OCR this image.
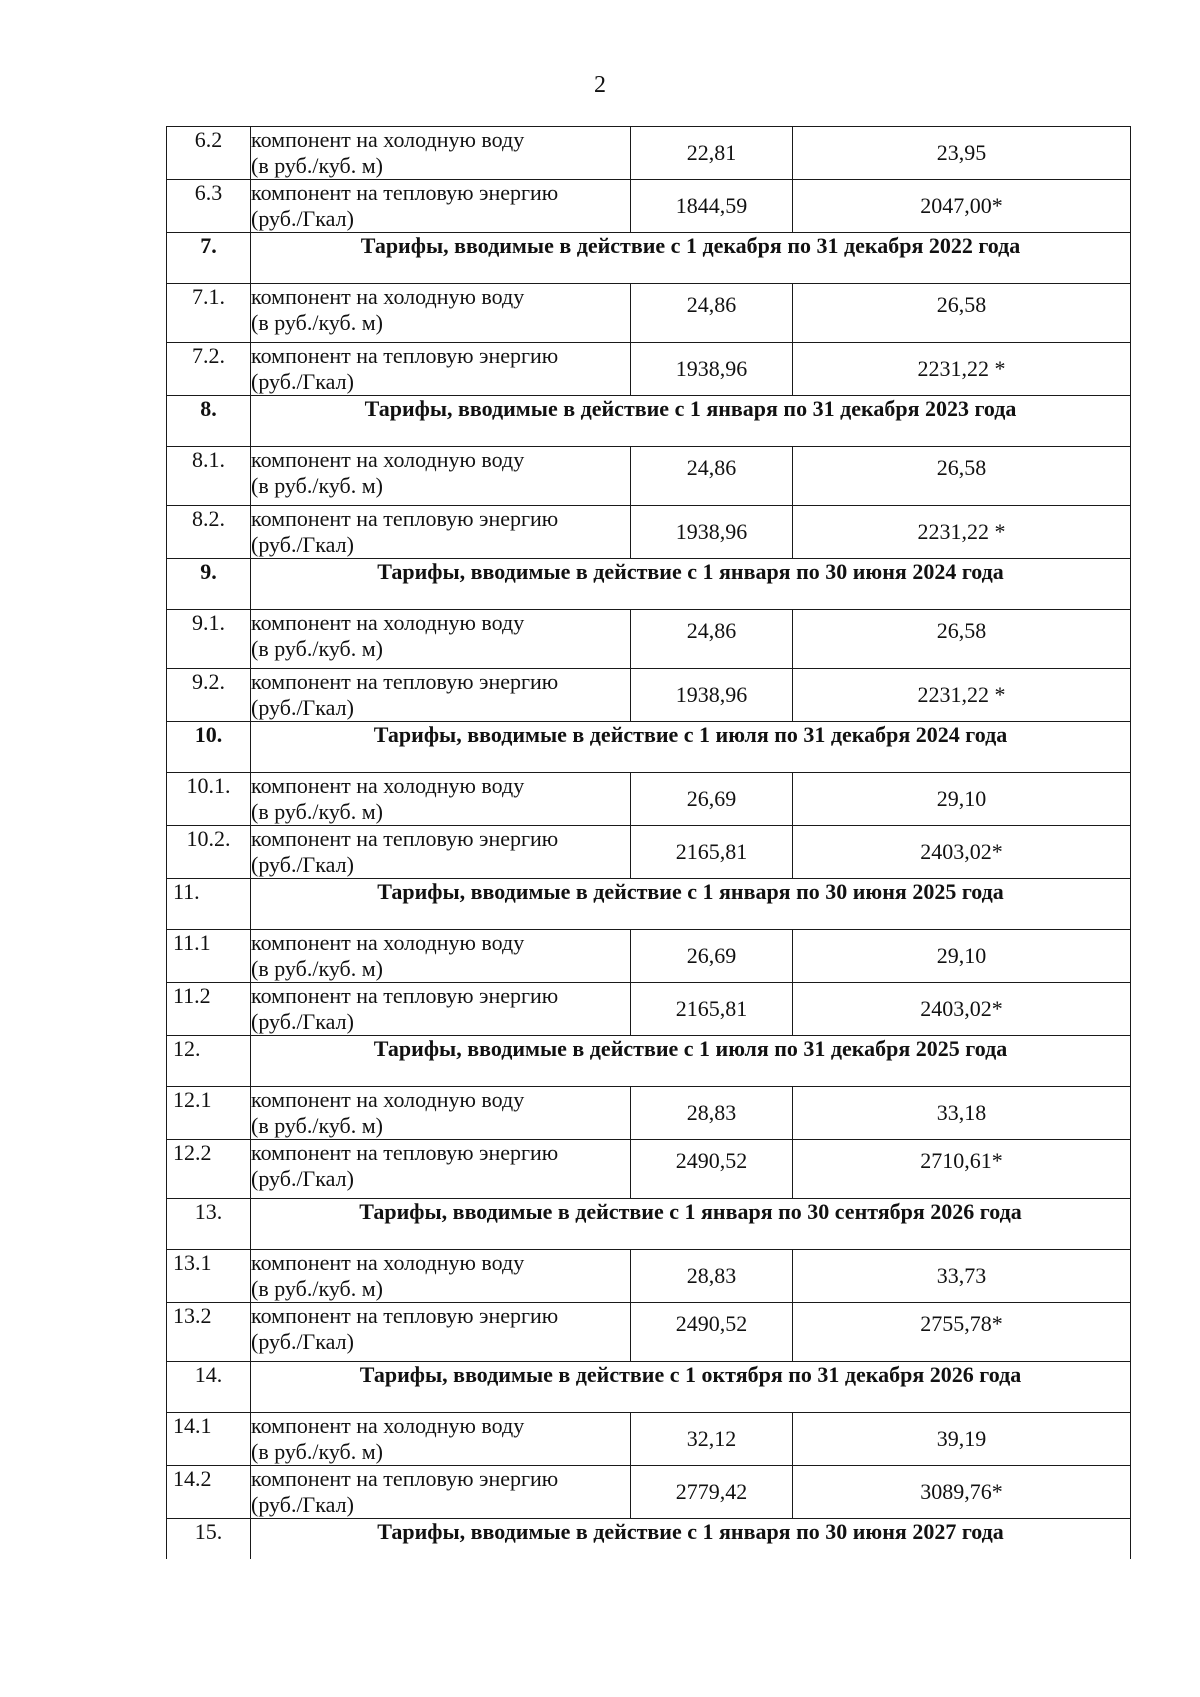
2
6.2	компонент на холодную воду
(в руб./куб. м)	22,81	23,95
6.3	компонент на тепловую энергию
(руб./Гкал)	1844,59	2047,00*
7.	Тарифы, вводимые в действие с 1 декабря по 31 декабря 2022 года		

7.1.	компонент на холодную воду
(в руб./куб. м)	24,86	26,58
7.2.	компонент на тепловую энергию
(руб./Гкал)	1938,96	2231,22 *
8.	Тарифы, вводимые в действие с 1 января по 31 декабря 2023 года		

8.1.	компонент на холодную воду
(в руб./куб. м)	24,86	26,58
8.2.	компонент на тепловую энергию
(руб./Гкал)	1938,96	2231,22 *
9.	Тарифы, вводимые в действие с 1 января по 30 июня 2024 года		

9.1.	компонент на холодную воду
(в руб./куб. м)	24,86	26,58
9.2.	компонент на тепловую энергию
(руб./Гкал)	1938,96	2231,22 *
10.	Тарифы, вводимые в действие с 1 июля по 31 декабря 2024 года		

10.1.	компонент на холодную воду
(в руб./куб. м)	26,69	29,10
10.2.	компонент на тепловую энергию
(руб./Гкал)	2165,81	2403,02*
11.	Тарифы, вводимые в действие с 1 января по 30 июня 2025 года		

11.1	компонент на холодную воду
(в руб./куб. м)	26,69	29,10
11.2	компонент на тепловую энергию
(руб./Гкал)	2165,81	2403,02*
12.	Тарифы, вводимые в действие с 1 июля по 31 декабря 2025 года		

12.1	компонент на холодную воду
(в руб./куб. м)	28,83	33,18
12.2	компонент на тепловую энергию
(руб./Гкал)	2490,52	2710,61*
13.	Тарифы, вводимые в действие с 1 января по 30 сентября 2026 года		

13.1	компонент на холодную воду
(в руб./куб. м)	28,83	33,73
13.2	компонент на тепловую энергию
(руб./Гкал)	2490,52	2755,78*
14.	Тарифы, вводимые в действие с 1 октября по 31 декабря 2026 года		

14.1	компонент на холодную воду
(в руб./куб. м)	32,12	39,19
14.2	компонент на тепловую энергию
(руб./Гкал)	2779,42	3089,76*
15.	Тарифы, вводимые в действие с 1 января по 30 июня 2027 года		
